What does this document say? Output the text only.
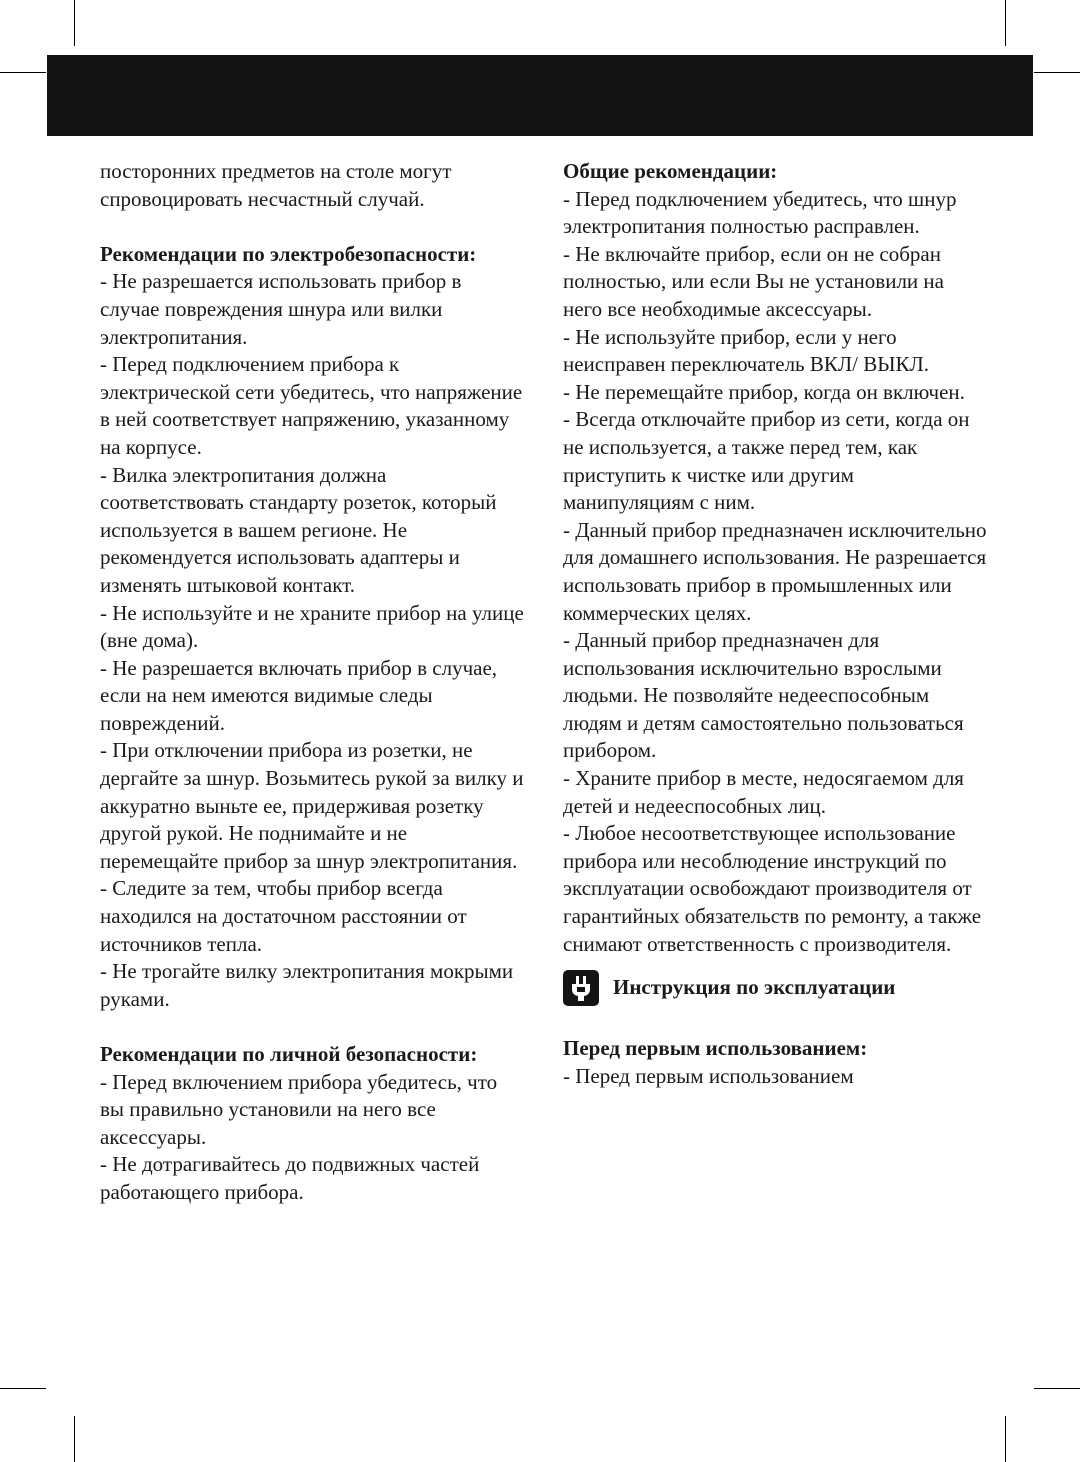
посторонних предметов на столе могут спровоцировать несчастный случай.

Рекомендации по электробезопасности:

- Не разрешается использовать прибор в случае повреждения шнура или вилки электропитания.

- Перед подключением прибора к электрической сети убедитесь, что напряжение в ней соответствует напряжению, указанному на корпусе.

- Вилка электропитания должна соответствовать стандарту розеток, который используется в вашем регионе. Не рекомендуется использовать адаптеры и изменять штыковой контакт.

- Не используйте и не храните прибор на улице (вне дома).

- Не разрешается включать прибор в случае, если на нем имеются видимые следы повреждений.

- При отключении прибора из розетки, не дергайте за шнур. Возьмитесь рукой за вилку и аккуратно выньте ее, придерживая розетку другой рукой. Не поднимайте и не перемещайте прибор за шнур электропитания.

- Следите за тем, чтобы прибор всегда находился на достаточном расстоянии от источников тепла.

- Не трогайте вилку электропитания мокрыми руками.

Рекомендации по личной безопасности:

- Перед включением прибора убедитесь, что вы правильно установили на него все аксессуары.

- Не дотрагивайтесь до подвижных частей работающего прибора.

Общие рекомендации:

- Перед подключением убедитесь, что шнур электропитания полностью расправлен.

- Не включайте прибор, если он не собран полностью, или если Вы не установили на него все необходимые аксессуары.

- Не используйте прибор, если у него неисправен переключатель ВКЛ/ ВЫКЛ.

- Не перемещайте прибор, когда он включен.

- Всегда отключайте прибор из сети, когда он не используется, а также перед тем, как приступить к чистке или другим манипуляциям с ним.

- Данный прибор предназначен исключительно для домашнего использования. Не разрешается использовать прибор в промышленных или коммерческих целях.

- Данный прибор предназначен для использования исключительно взрослыми людьми. Не позволяйте недееспособным людям и детям самостоятельно пользоваться прибором.

- Храните прибор в месте, недосягаемом для детей и недееспособных лиц.

- Любое несоответствующее использование прибора или несоблюдение инструкций по эксплуатации освобождают производителя от гарантийных обязательств по ремонту, а также снимают ответственность с производителя.

Инструкция по эксплуатации
Перед первым использованием:

- Перед первым использованием
